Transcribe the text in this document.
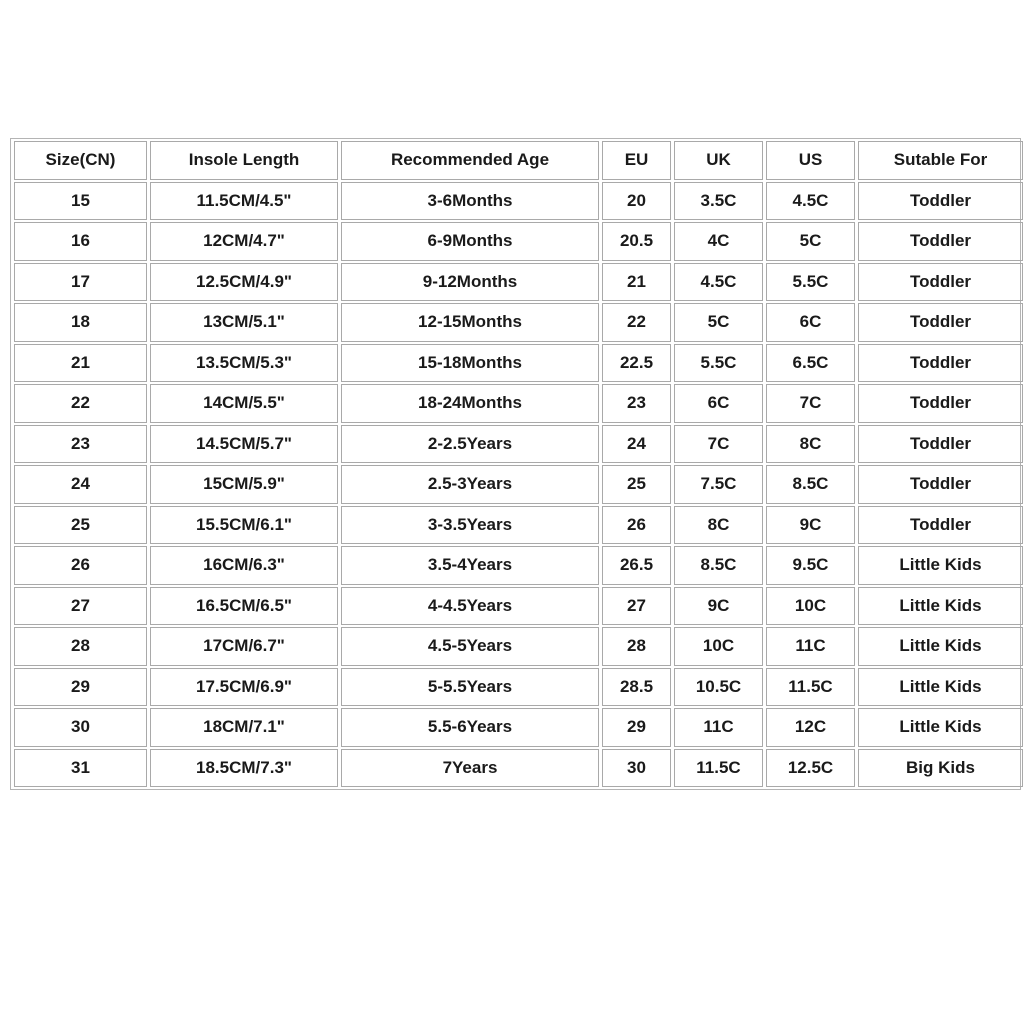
Size(CN)	Insole Length	Recommended Age	EU	UK	US	Sutable For
15	11.5CM/4.5"	3-6Months	20	3.5C	4.5C	Toddler
16	12CM/4.7"	6-9Months	20.5	4C	5C	Toddler
17	12.5CM/4.9"	9-12Months	21	4.5C	5.5C	Toddler
18	13CM/5.1"	12-15Months	22	5C	6C	Toddler
21	13.5CM/5.3"	15-18Months	22.5	5.5C	6.5C	Toddler
22	14CM/5.5"	18-24Months	23	6C	7C	Toddler
23	14.5CM/5.7"	2-2.5Years	24	7C	8C	Toddler
24	15CM/5.9"	2.5-3Years	25	7.5C	8.5C	Toddler
25	15.5CM/6.1"	3-3.5Years	26	8C	9C	Toddler
26	16CM/6.3"	3.5-4Years	26.5	8.5C	9.5C	Little Kids
27	16.5CM/6.5"	4-4.5Years	27	9C	10C	Little Kids
28	17CM/6.7"	4.5-5Years	28	10C	11C	Little Kids
29	17.5CM/6.9"	5-5.5Years	28.5	10.5C	11.5C	Little Kids
30	18CM/7.1"	5.5-6Years	29	11C	12C	Little Kids
31	18.5CM/7.3"	7Years	30	11.5C	12.5C	Big Kids
